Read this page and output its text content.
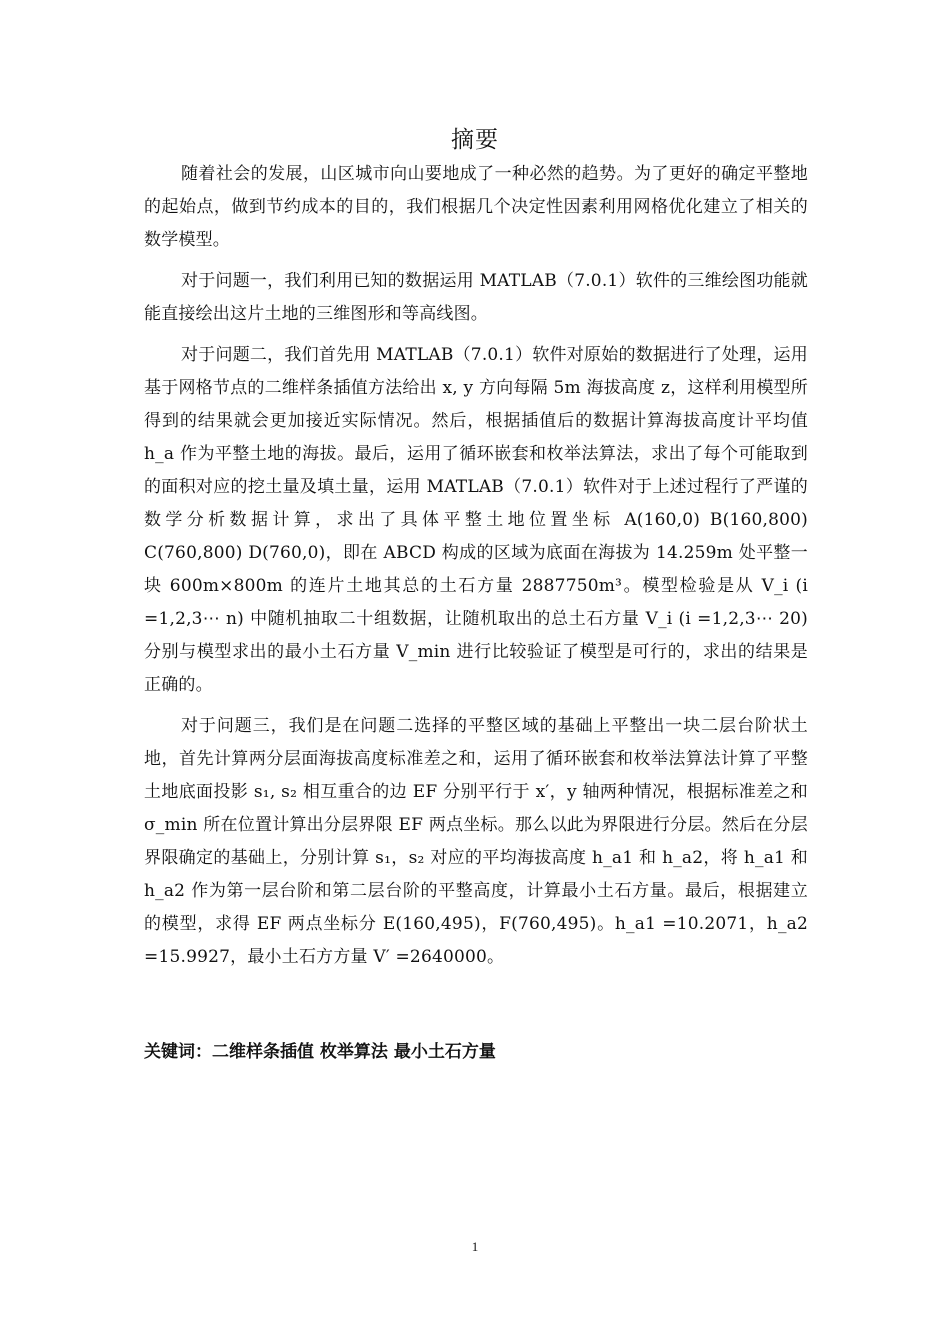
摘要

随着社会的发展，山区城市向山要地成了一种必然的趋势。为了更好的确定平整地的起始点，做到节约成本的目的，我们根据几个决定性因素利用网格优化建立了相关的数学模型。

对于问题一，我们利用已知的数据运用 MATLAB（7.0.1）软件的三维绘图功能就能直接绘出这片土地的三维图形和等高线图。

对于问题二，我们首先用 MATLAB（7.0.1）软件对原始的数据进行了处理，运用基于网格节点的二维样条插值方法给出 x, y 方向每隔 5m 海拔高度 z，这样利用模型所得到的结果就会更加接近实际情况。然后，根据插值后的数据计算海拔高度计平均值 h_a 作为平整土地的海拔。最后，运用了循环嵌套和枚举法算法，求出了每个可能取到的面积对应的挖土量及填土量，运用 MATLAB（7.0.1）软件对于上述过程行了严谨的数学分析数据计算，求出了具体平整土地位置坐标 A(160,0) B(160,800) C(760,800) D(760,0)，即在 ABCD 构成的区域为底面在海拔为 14.259m 处平整一块 600m×800m 的连片土地其总的土石方量 2887750m³。模型检验是从 V_i (i =1,2,3⋯ n) 中随机抽取二十组数据，让随机取出的总土石方量 V_i (i =1,2,3⋯ 20) 分别与模型求出的最小土石方量 V_min 进行比较验证了模型是可行的，求出的结果是正确的。

对于问题三，我们是在问题二选择的平整区域的基础上平整出一块二层台阶状土地，首先计算两分层面海拔高度标准差之和，运用了循环嵌套和枚举法算法计算了平整土地底面投影 s₁, s₂ 相互重合的边 EF 分别平行于 x′，y 轴两种情况，根据标准差之和 σ_min 所在位置计算出分层界限 EF 两点坐标。那么以此为界限进行分层。然后在分层界限确定的基础上，分别计算 s₁，s₂ 对应的平均海拔高度 h_a1 和 h_a2，将 h_a1 和 h_a2 作为第一层台阶和第二层台阶的平整高度，计算最小土石方量。最后，根据建立的模型，求得 EF 两点坐标分 E(160,495)，F(760,495)。h_a1 =10.2071，h_a2 =15.9927，最小土石方方量 V′ =2640000。

关键词：二维样条插值 枚举算法 最小土石方量
1
